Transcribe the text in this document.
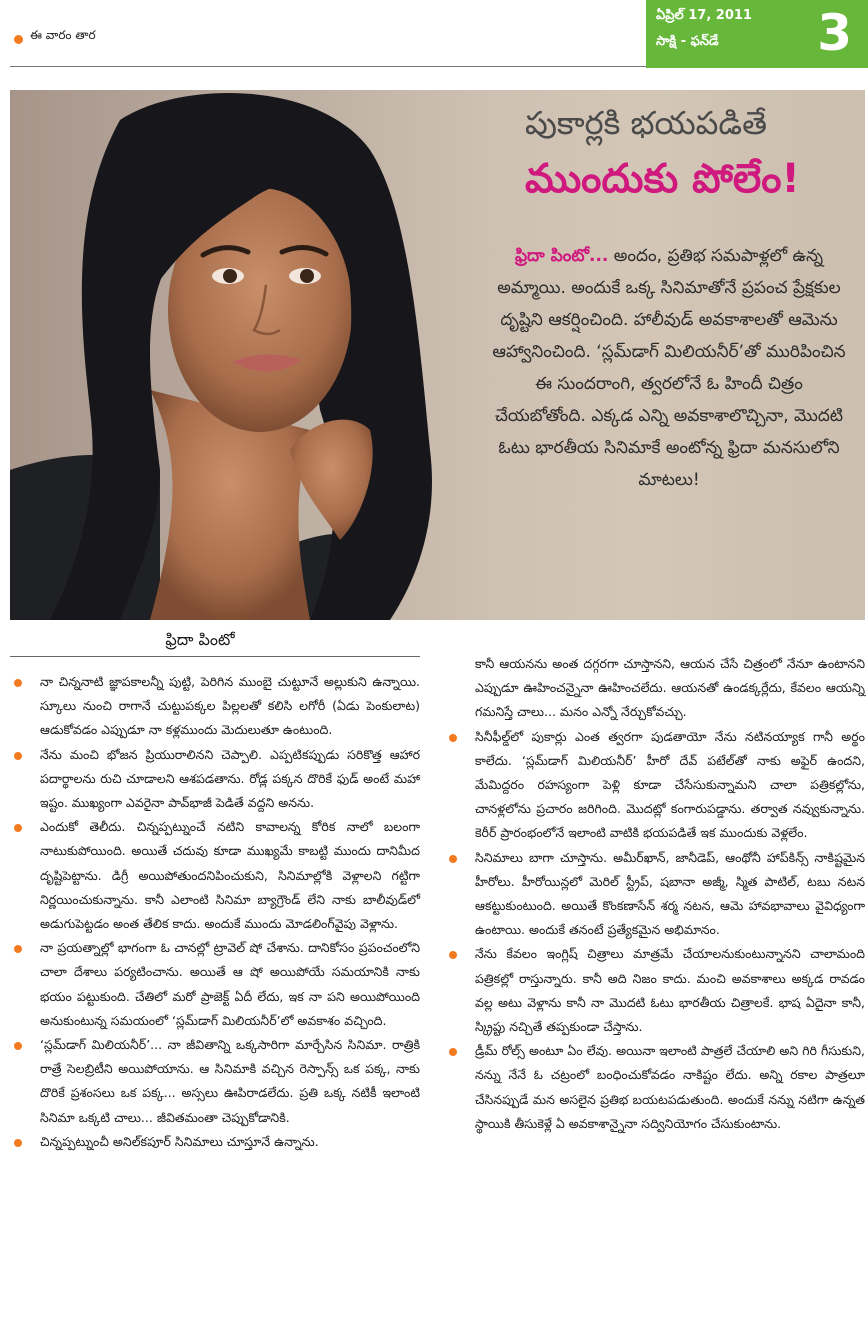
ఈ వారం తార
ఏప్రిల్ 17, 2011
సాక్షి - ఫన్‌డే 3
పుకార్లకి భయపడితే
ముందుకు పోలేం!
ఫ్రిదా పింటో... అందం, ప్రతిభ సమపాళ్లలో ఉన్న అమ్మాయి. అందుకే ఒక్క సినిమాతోనే ప్రపంచ ప్రేక్షకుల దృష్టిని ఆకర్షించింది. హాలీవుడ్ అవకాశాలతో ఆమెను ఆహ్వానించింది. ‘స్లమ్‌డాగ్ మిలియనీర్’తో మురిపించిన ఈ సుందరాంగి, త్వరలోనే ఓ హిందీ చిత్రం చేయబోతోంది. ఎక్కడ ఎన్ని అవకాశాలొచ్చినా, మొదటి ఓటు భారతీయ సినిమాకే అంటోన్న ఫ్రిదా మనసులోని మాటలు!
ఫ్రిదా పింటో

నా చిన్ననాటి జ్ఞాపకాలన్నీ పుట్టి, పెరిగిన ముంబై చుట్టూనే అల్లుకుని ఉన్నాయి. స్కూలు నుంచి రాగానే చుట్టుపక్కల పిల్లలతో కలిసి లగోరీ (ఏడు పెంకులాట) ఆడుకోవడం ఎప్పుడూ నా కళ్లముందు మెదులుతూ ఉంటుంది.

నేను మంచి భోజన ప్రియురాలినని చెప్పాలి. ఎప్పటికప్పుడు సరికొత్త ఆహార పదార్థాలను రుచి చూడాలని ఆశపడతాను. రోడ్ల పక్కన దొరికే ఫుడ్ అంటే మహా ఇష్టం. ముఖ్యంగా ఎవరైనా పావ్‌భాజీ పెడితే వద్దని అనను.

ఎందుకో తెలీదు. చిన్నప్పట్నుంచే నటిని కావాలన్న కోరిక నాలో బలంగా నాటుకుపోయింది. అయితే చదువు కూడా ముఖ్యమే కాబట్టి ముందు దానిమీద దృష్టిపెట్టాను. డిగ్రీ అయిపోతుందనిపించుకుని, సినిమాల్లోకి వెళ్లాలని గట్టిగా నిర్ణయించుకున్నాను. కానీ ఎలాంటి సినిమా బ్యాగ్రౌండ్ లేని నాకు బాలీవుడ్‌లో అడుగుపెట్టడం అంత తేలిక కాదు. అందుకే ముందు మోడలింగ్‌వైపు వెళ్లాను.

నా ప్రయత్నాల్లో భాగంగా ఓ చానల్లో ట్రావెల్ షో చేశాను. దానికోసం ప్రపంచంలోని చాలా దేశాలు పర్యటించాను. అయితే ఆ షో అయిపోయే సమయానికి నాకు భయం పట్టుకుంది. చేతిలో మరో ప్రాజెక్ట్ ఏదీ లేదు, ఇక నా పని అయిపోయింది అనుకుంటున్న సమయంలో ‘స్లమ్‌డాగ్ మిలియనీర్’లో అవకాశం వచ్చింది.

‘స్లమ్‌డాగ్ మిలియనీర్’... నా జీవితాన్ని ఒక్కసారిగా మార్చేసిన సినిమా. రాత్రికి రాత్రే సెలబ్రిటీని అయిపోయాను. ఆ సినిమాకి వచ్చిన రెస్పాన్స్ ఒక పక్క, నాకు దొరికే ప్రశంసలు ఒక పక్క... అస్సలు ఊపిరాడలేదు. ప్రతి ఒక్క నటికీ ఇలాంటి సినిమా ఒక్కటి చాలు... జీవితమంతా చెప్పుకోడానికి.

చిన్నప్పట్నుంచీ అనిల్‌కపూర్ సినిమాలు చూస్తూనే ఉన్నాను.

కానీ ఆయనను అంత దగ్గరగా చూస్తానని, ఆయన చేసే చిత్రంలో నేనూ ఉంటానని ఎప్పుడూ ఊహించన్నైనా ఊహించలేదు. ఆయనతో ఉండక్కర్లేదు, కేవలం ఆయన్ని గమనిస్తే చాలు... మనం ఎన్నో నేర్చుకోవచ్చు.

సినీఫీల్డ్‌లో పుకార్లు ఎంత త్వరగా పుడతాయో నేను నటినయ్యాక గానీ అర్థం కాలేదు. ‘స్లమ్‌డాగ్ మిలియనీర్’ హీరో దేవ్ పటేల్‌తో నాకు అఫైర్ ఉందని, మేమిద్దరం రహస్యంగా పెళ్లి కూడా చేసేసుకున్నామని చాలా పత్రికల్లోను, చానళ్లలోను ప్రచారం జరిగింది. మొదట్లో కంగారుపడ్డాను. తర్వాత నవ్వుకున్నాను. కెరీర్ ప్రారంభంలోనే ఇలాంటి వాటికి భయపడితే ఇక ముందుకు వెళ్లలేం.

సినిమాలు బాగా చూస్తాను. అమీర్‌ఖాన్, జానీడెప్, ఆంథోనీ హాప్‌కిన్స్ నాకిష్టమైన హీరోలు. హీరోయిన్లలో మెరిల్ స్ట్రీప్, షబానా అజ్మీ, స్మిత పాటిల్, టబు నటన ఆకట్టుకుంటుంది. అయితే కొంకణాసేన్ శర్మ నటన, ఆమె హావభావాలు వైవిధ్యంగా ఉంటాయి. అందుకే తనంటే ప్రత్యేకమైన అభిమానం.

నేను కేవలం ఇంగ్లిష్ చిత్రాలు మాత్రమే చేయాలనుకుంటున్నానని చాలామంది పత్రికల్లో రాస్తున్నారు. కానీ అది నిజం కాదు. మంచి అవకాశాలు అక్కడ రావడం వల్ల అటు వెళ్లాను కానీ నా మొదటి ఓటు భారతీయ చిత్రాలకే. భాష ఏదైనా కానీ, స్క్రిప్టు నచ్చితే తప్పకుండా చేస్తాను.

డ్రీమ్ రోల్స్ అంటూ ఏం లేవు. అయినా ఇలాంటి పాత్రలే చేయాలి అని గిరి గీసుకుని, నన్ను నేనే ఓ చట్రంలో బంధించుకోవడం నాకిష్టం లేదు. అన్ని రకాల పాత్రలూ చేసినప్పుడే మన అసలైన ప్రతిభ బయటపడుతుంది. అందుకే నన్ను నటిగా ఉన్నత స్థాయికి తీసుకెళ్లే ఏ అవకాశాన్నైనా సద్వినియోగం చేసుకుంటాను.
